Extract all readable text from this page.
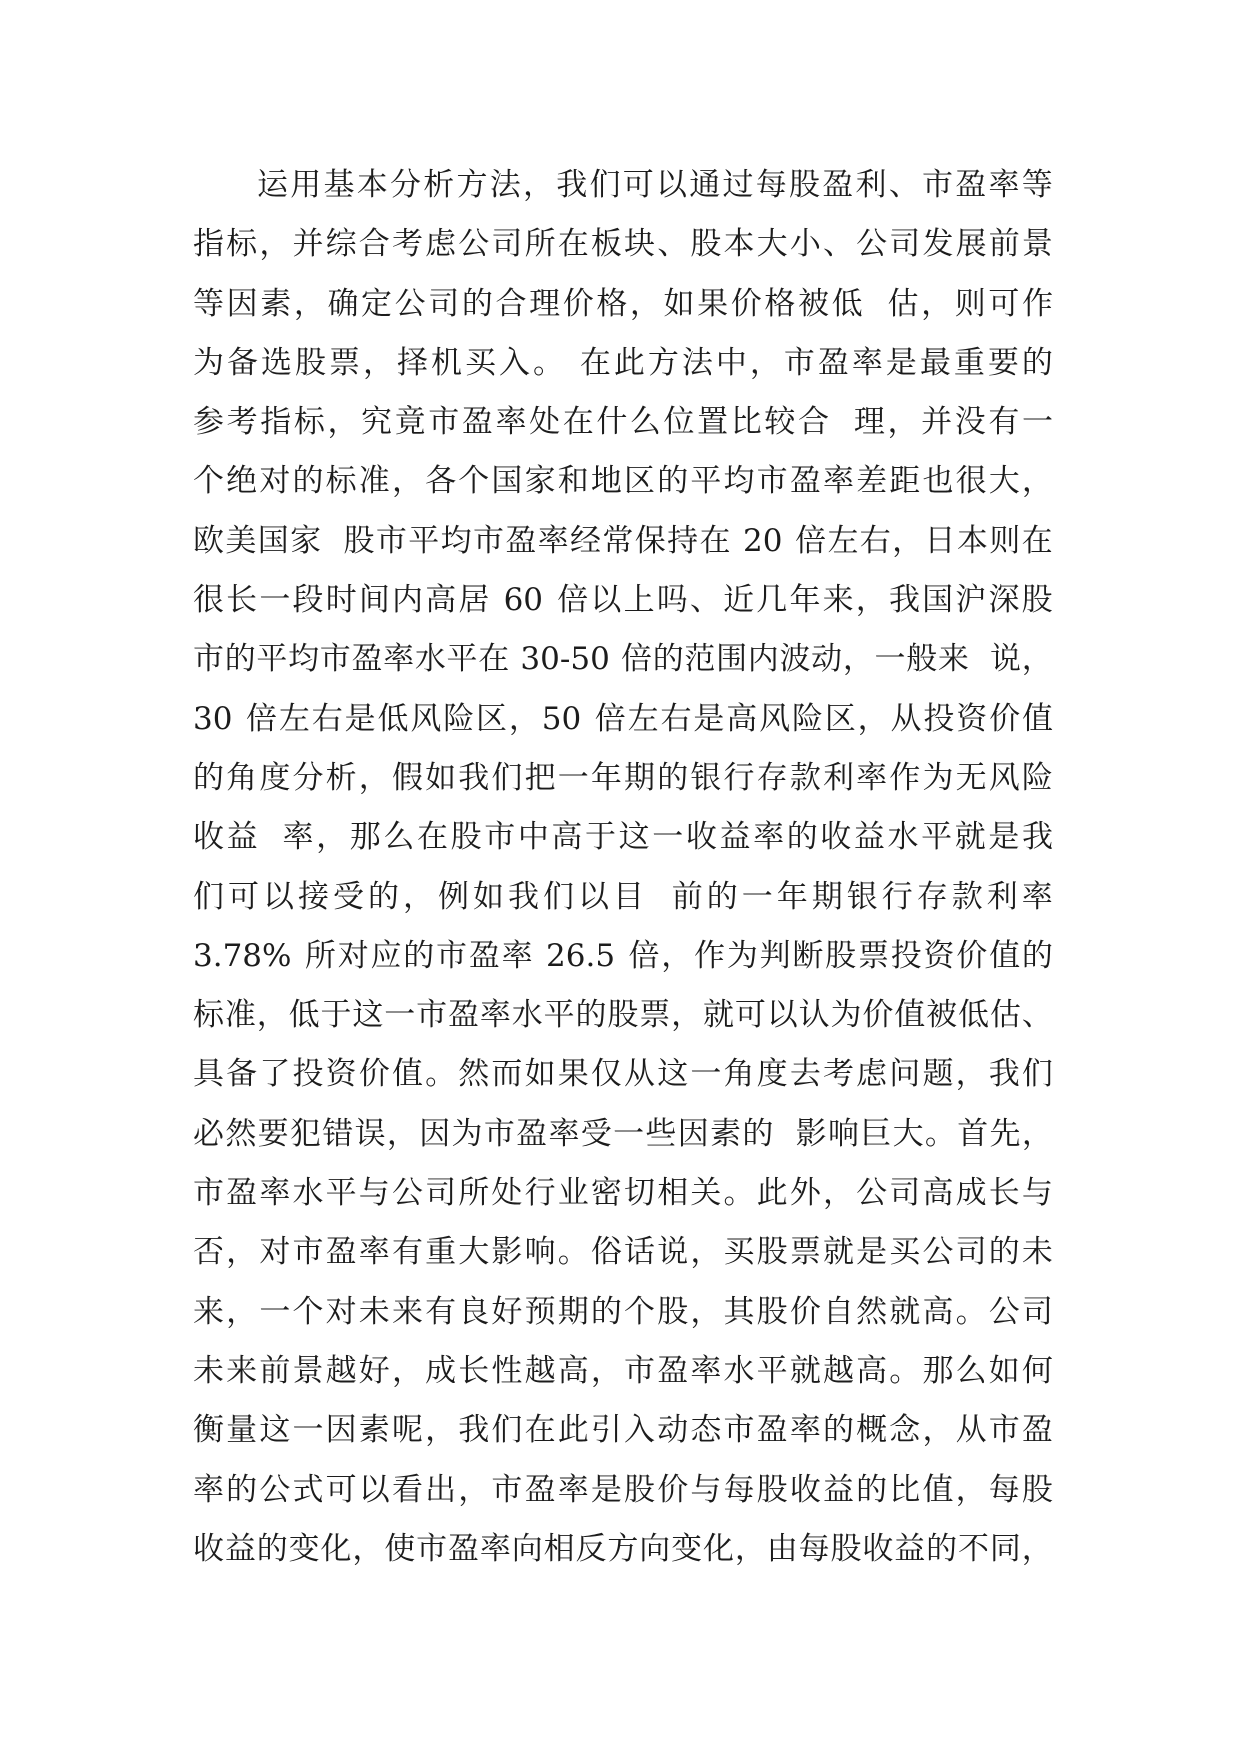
运 用 基 本 分 析 方 法 ， 我 们 可 以 通 过 每 股 盈 利 、 市 盈 率 等
指 标 ， 并 综 合 考 虑 公 司 所 在 板 块 、 股 本 大 小 、 公 司 发 展 前 景
等 因 素 ， 确 定 公 司 的 合 理 价 格 ， 如 果 价 格 被 低
估 ， 则 可 作
为 备 选 股 票 ， 择 机 买 入 。
在 此 方 法 中 ， 市 盈 率 是 最 重 要 的
参 考 指 标 ， 究 竟 市 盈 率 处 在 什 么 位 置 比 较 合
理 ， 并 没 有 一
个 绝 对 的 标 准 ， 各 个 国 家 和 地 区 的 平 均 市 盈 率 差 距 也 很 大 ，
欧 美 国 家
股 市 平 均 市 盈 率 经 常 保 持 在
20
倍 左 右 ， 日 本 则 在
很 长 一 段 时 间 内 高 居
60
倍 以 上 吗 、 近 几 年 来 ， 我 国 沪 深 股
市 的 平 均 市 盈 率 水 平 在
30-50
倍 的 范 围 内 波 动 ， 一 般 来
说 ，
30
倍 左 右 是 低 风 险 区 ， 50
倍 左 右 是 高 风 险 区 ， 从 投 资 价 值
的 角 度 分 析 ， 假 如 我 们 把 一 年 期 的 银 行 存 款 利 率 作 为 无 风 险
收 益
率 ， 那 么 在 股 市 中 高 于 这 一 收 益 率 的 收 益 水 平 就 是 我
们 可 以 接 受 的 ， 例 如 我 们 以 目
前 的 一 年 期 银 行 存 款 利 率
3.78%
所 对 应 的 市 盈 率
26.5
倍 ， 作 为 判 断 股 票 投 资 价 值 的
标 准 ， 低 于 这 一 市 盈 率 水 平 的 股 票 ， 就 可 以 认 为 价 值 被 低 估 、
具 备 了 投 资 价 值 。 然 而 如 果 仅 从 这 一 角 度 去 考 虑 问 题 ， 我 们
必 然 要 犯 错 误 ， 因 为 市 盈 率 受 一 些 因 素 的
影 响 巨 大 。 首 先 ，
市 盈 率 水 平 与 公 司 所 处 行 业 密 切 相 关 。 此 外 ， 公 司 高 成 长 与
否 ， 对 市 盈 率 有 重 大 影 响 。 俗 话 说 ， 买 股 票 就 是 买 公 司 的 未
来 ， 一 个 对 未 来 有 良 好 预 期 的 个 股 ， 其 股 价 自 然 就 高 。 公 司
未 来 前 景 越 好 ， 成 长 性 越 高 ， 市 盈 率 水 平 就 越 高 。 那 么 如 何
衡 量 这 一 因 素 呢 ， 我 们 在 此 引 入 动 态 市 盈 率 的 概 念 ， 从 市 盈
率 的 公 式 可 以 看 出 ， 市 盈 率 是 股 价 与 每 股 收 益 的 比 值 ， 每 股
收 益 的 变 化 ， 使 市 盈 率 向 相 反 方 向 变 化 ， 由 每 股 收 益 的 不 同 ，
